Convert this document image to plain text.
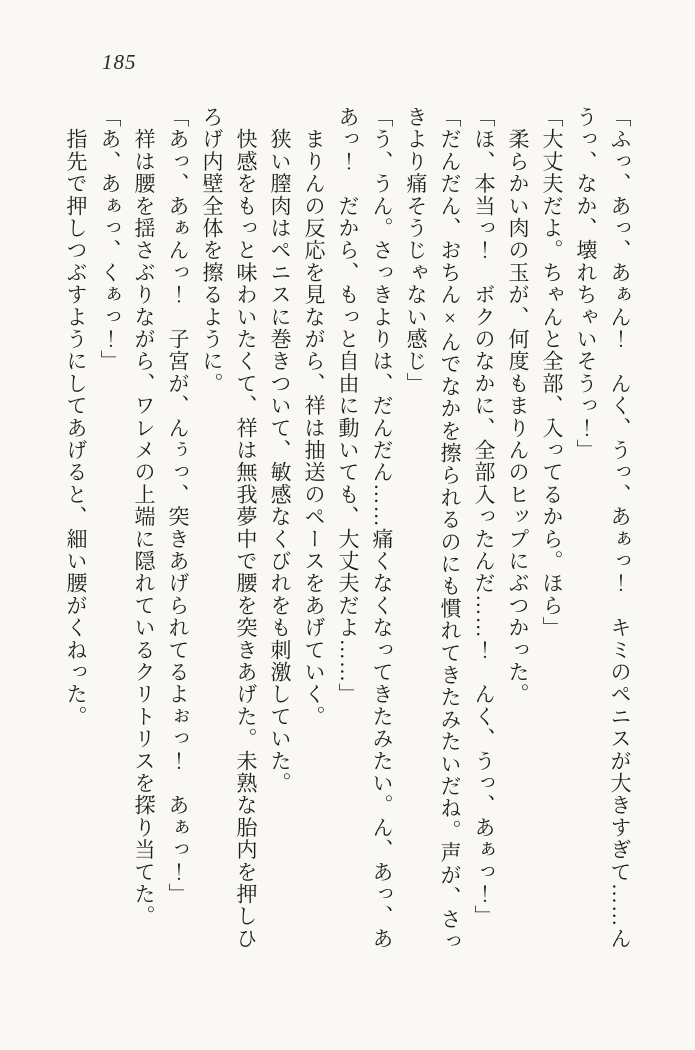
185

「ふっ、あっ、あぁん！　んく、うっ、あぁっ！　キミのペニスが大きすぎて……ん

うっ、なか、壊れちゃいそうっ！」

「大丈夫だよ。ちゃんと全部、入ってるから。ほら」

　柔らかい肉の玉が、何度もまりんのヒップにぶつかった。

「ほ、本当っ！　ボクのなかに、全部入ったんだ……！　んく、うっ、あぁっ！」

「だんだん、おちん×んでなかを擦られるのにも慣れてきたみたいだね。声が、さっ

きより痛そうじゃない感じ」

「う、うん。さっきよりは、だんだん……痛くなくなってきたみたい。ん、あっ、あ

あっ！　だから、もっと自由に動いても、大丈夫だよ……」

　まりんの反応を見ながら、祥は抽送のペースをあげていく。

　狭い膣肉はペニスに巻きついて、敏感なくびれをも刺激していた。

　快感をもっと味わいたくて、祥は無我夢中で腰を突きあげた。未熟な胎内を押しひ

ろげ内壁全体を擦るように。

「あっ、あぁんっ！　子宮が、んぅっ、突きあげられてるよぉっ！　あぁっ！」

　祥は腰を揺さぶりながら、ワレメの上端に隠れているクリトリスを探り当てた。

「あ、あぁっ、くぁっ！」

　指先で押しつぶすようにしてあげると、細い腰がくねった。
